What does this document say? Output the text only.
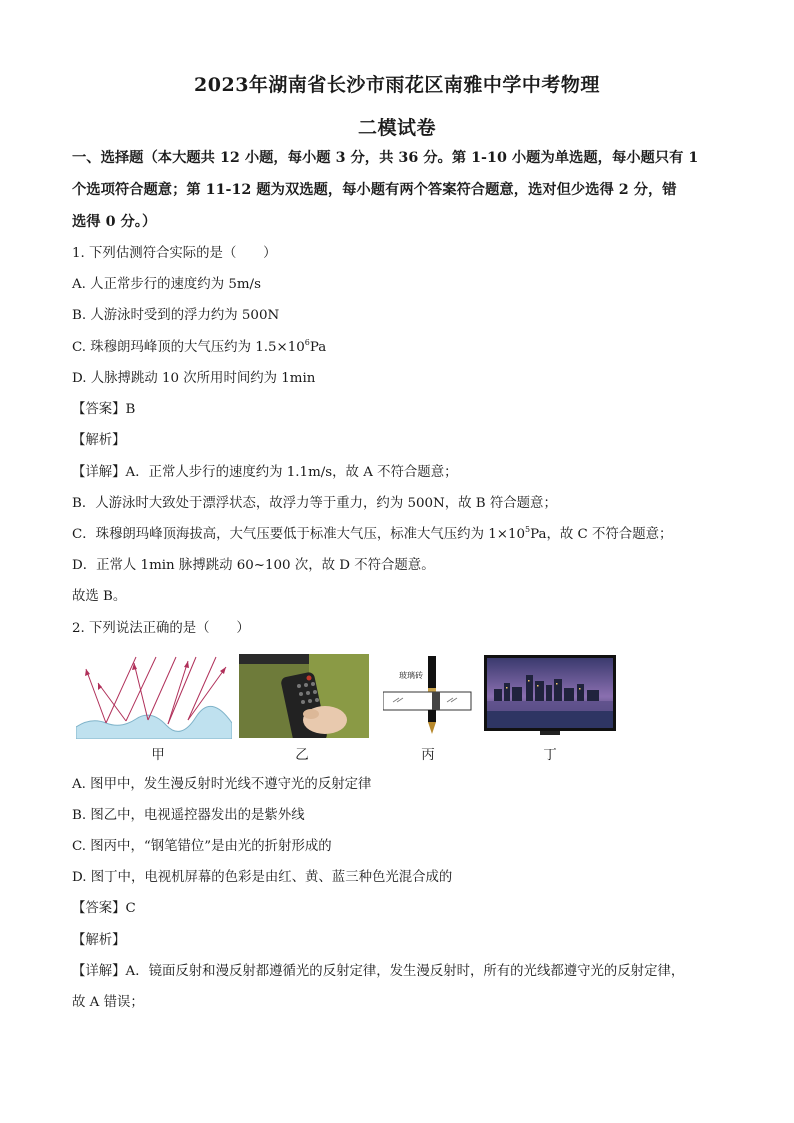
2023年湖南省长沙市雨花区南雅中学中考物理
二模试卷
一、选择题（本大题共 12 小题，每小题 3 分，共 36 分。第 1-10 小题为单选题，每小题只有 1
个选项符合题意；第 11-12 题为双选题，每小题有两个答案符合题意，选对但少选得 2 分，错
选得 0 分。）
1. 下列估测符合实际的是（　　）
A. 人正常步行的速度约为 5m/s
B. 人游泳时受到的浮力约为 500N
C. 珠穆朗玛峰顶的大气压约为 $1.5\times 10^6Pa$
D. 人脉搏跳动 10 次所用时间约为 1min
【答案】B
【解析】
【详解】A．正常人步行的速度约为 1.1m/s，故 A 不符合题意；
B．人游泳时大致处于漂浮状态，故浮力等于重力，约为 500N，故 B 符合题意；
C．珠穆朗玛峰顶海拔高，大气压要低于标准大气压，标准大气压约为 $1\times 10^5Pa$，故 C 不符合题意；
D．正常人 1min 脉搏跳动 60~100 次，故 D 不符合题意。
故选 B。
2. 下列说法正确的是（　　）
甲	乙
玻璃砖
丙	丁
A. 图甲中，发生漫反射时光线不遵守光的反射定律
B. 图乙中，电视遥控器发出的是紫外线
C. 图丙中，“钢笔错位”是由光的折射形成的
D. 图丁中，电视机屏幕的色彩是由红、黄、蓝三种色光混合成的
【答案】C
【解析】
【详解】A．镜面反射和漫反射都遵循光的反射定律，发生漫反射时，所有的光线都遵守光的反射定律，
故 A 错误；
